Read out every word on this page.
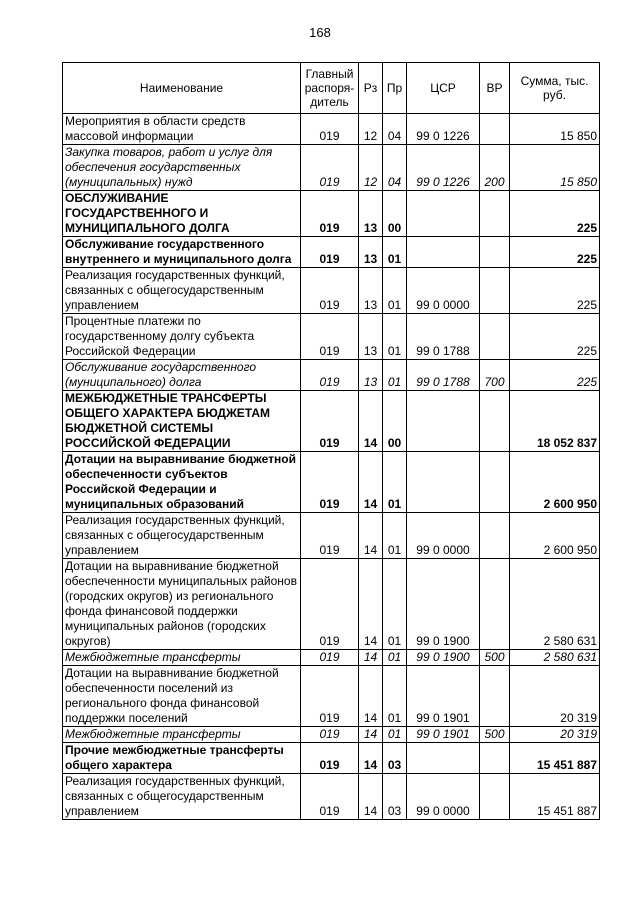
168
Наименование	Главный распоря-дитель	Рз	Пр	ЦСР	ВР	Сумма, тыс. руб.
Мероприятия в области средств массовой информации	019	12	04	99 0 1226		15 850
Закупка товаров, работ и услуг для обеспечения государственных (муниципальных) нужд	019	12	04	99 0 1226	200	15 850
ОБСЛУЖИВАНИЕ ГОСУДАРСТВЕННОГО И МУНИЦИПАЛЬНОГО ДОЛГА	019	13	00			225
Обслуживание государственного внутреннего и муниципального долга	019	13	01			225
Реализация государственных функций, связанных с общегосударственным управлением	019	13	01	99 0 0000		225
Процентные платежи по государственному долгу субъекта Российской Федерации	019	13	01	99 0 1788		225
Обслуживание государственного (муниципального) долга	019	13	01	99 0 1788	700	225
МЕЖБЮДЖЕТНЫЕ ТРАНСФЕРТЫ ОБЩЕГО ХАРАКТЕРА БЮДЖЕТАМ БЮДЖЕТНОЙ СИСТЕМЫ РОССИЙСКОЙ ФЕДЕРАЦИИ	019	14	00			18 052 837
Дотации на выравнивание бюджетной обеспеченности субъектов Российской Федерации и муниципальных образований	019	14	01			2 600 950
Реализация государственных функций, связанных с общегосударственным управлением	019	14	01	99 0 0000		2 600 950
Дотации на выравнивание бюджетной обеспеченности муниципальных районов (городских округов) из регионального фонда финансовой поддержки муниципальных районов (городских округов)	019	14	01	99 0 1900		2 580 631
Межбюджетные трансферты	019	14	01	99 0 1900	500	2 580 631
Дотации на выравнивание бюджетной обеспеченности поселений из регионального фонда финансовой поддержки поселений	019	14	01	99 0 1901		20 319
Межбюджетные трансферты	019	14	01	99 0 1901	500	20 319
Прочие межбюджетные трансферты общего характера	019	14	03			15 451 887
Реализация государственных функций, связанных с общегосударственным управлением	019	14	03	99 0 0000		15 451 887
